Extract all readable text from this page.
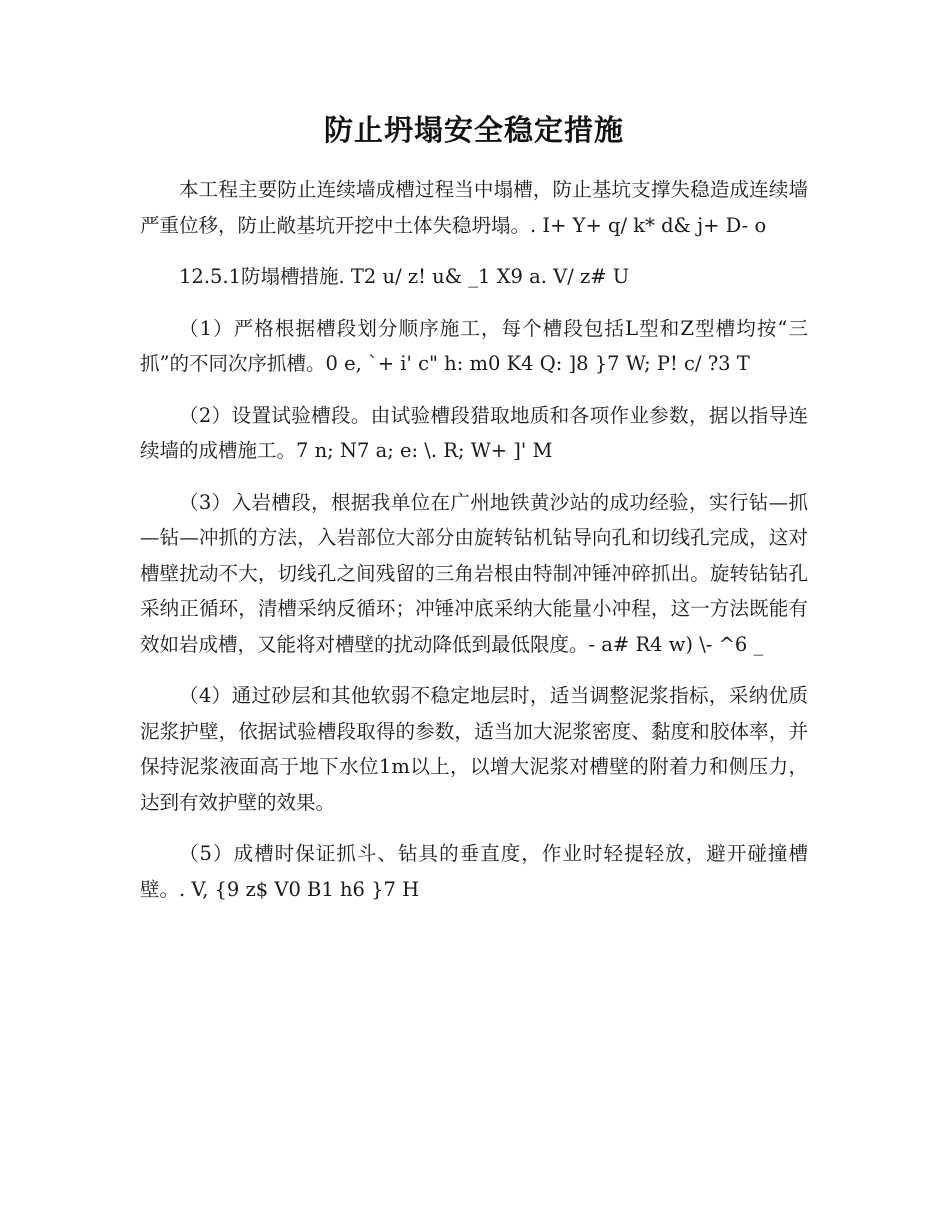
防止坍塌安全稳定措施

本工程主要防止连续墙成槽过程当中塌槽，防止基坑支撑失稳造成连续墙严重位移，防止敞基坑开挖中土体失稳坍塌。. I+ Y+ q/ k* d& j+ D- o

12.5.1防塌槽措施. T2 u/ z! u& _1 X9 a. V/ z# U

（1）严格根据槽段划分顺序施工，每个槽段包括L型和Z型槽均按“三抓”的不同次序抓槽。0 e, `+ i' c" h: m0 K4 Q: ]8 }7 W; P! c/ ?3 T

（2）设置试验槽段。由试验槽段猎取地质和各项作业参数，据以指导连续墙的成槽施工。7 n; N7 a; e: \. R; W+ ]' M

（3）入岩槽段，根据我单位在广州地铁黄沙站的成功经验，实行钻—抓—钻—冲抓的方法，入岩部位大部分由旋转钻机钻导向孔和切线孔完成，这对槽壁扰动不大，切线孔之间残留的三角岩根由特制冲锤冲碎抓出。旋转钻钻孔采纳正循环，清槽采纳反循环；冲锤冲底采纳大能量小冲程，这一方法既能有效如岩成槽，又能将对槽壁的扰动降低到最低限度。- a# R4 w) \- ^6 _

（4）通过砂层和其他软弱不稳定地层时，适当调整泥浆指标，采纳优质泥浆护壁，依据试验槽段取得的参数，适当加大泥浆密度、黏度和胶体率，并保持泥浆液面高于地下水位1m以上，以增大泥浆对槽壁的附着力和侧压力，达到有效护壁的效果。

（5）成槽时保证抓斗、钻具的垂直度，作业时轻提轻放，避开碰撞槽壁。. V, {9 z$ V0 B1 h6 }7 H
